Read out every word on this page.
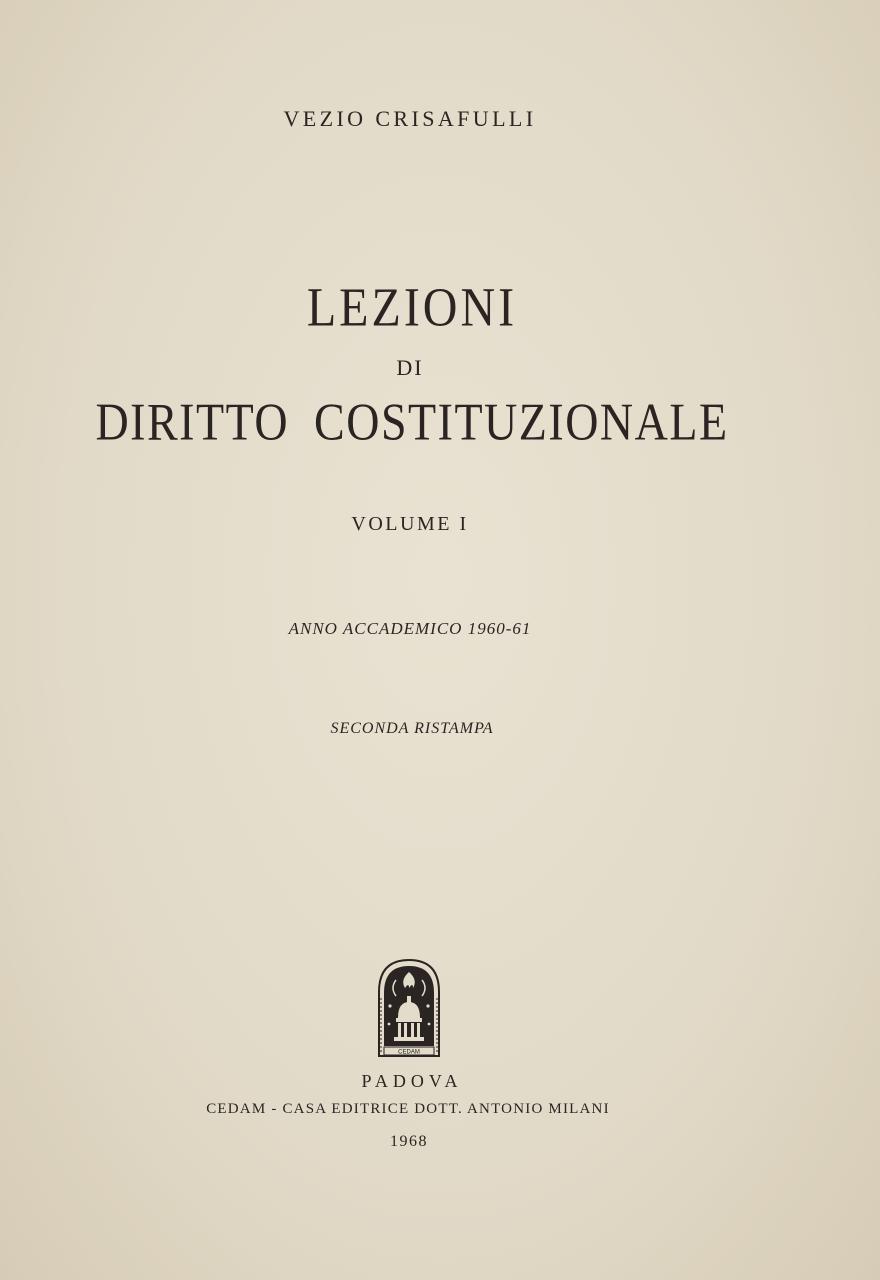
VEZIO CRISAFULLI
LEZIONI
DI
DIRITTO COSTITUZIONALE
VOLUME I
ANNO ACCADEMICO 1960-61
SECONDA RISTAMPA
CEDAM
PADOVA
CEDAM - CASA EDITRICE DOTT. ANTONIO MILANI
1968
